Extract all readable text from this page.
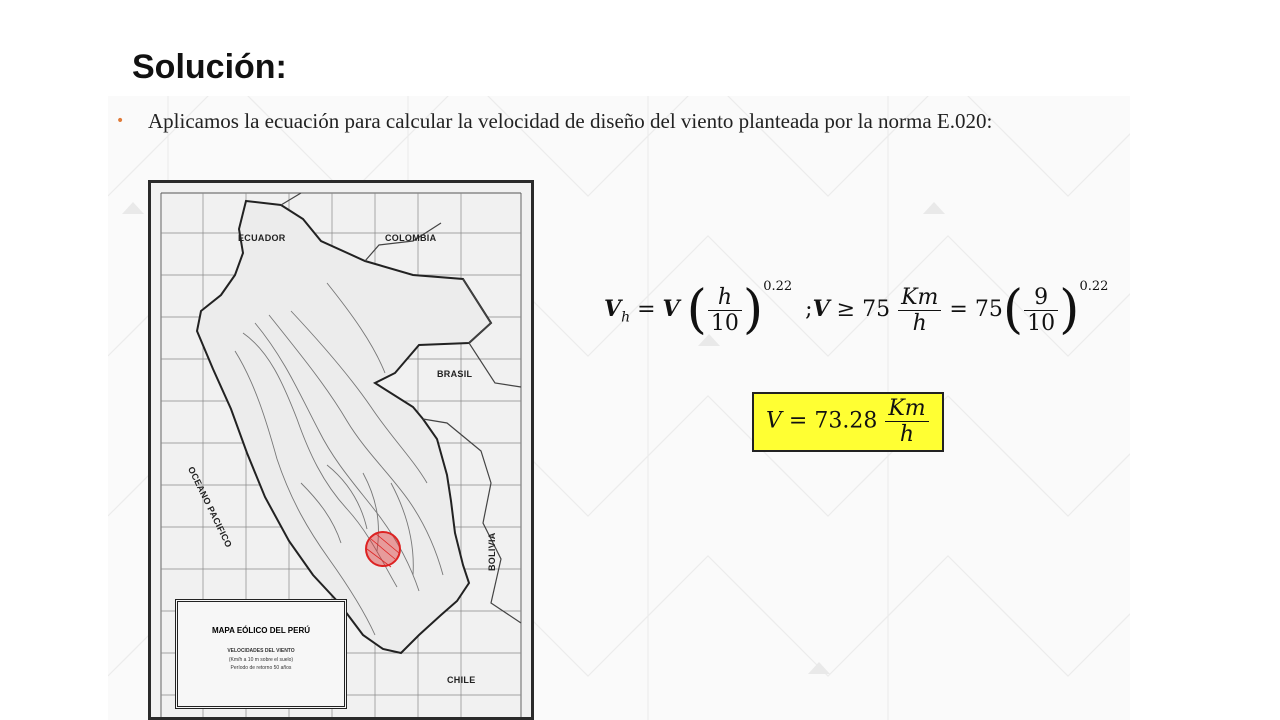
Solución:
• Aplicamos la ecuación para calcular la velocidad de diseño del viento planteada por la norma E.020:
ECUADOR	COLOMBIA
BRASIL
BOLIVIA
CHILE
OCEANO PACIFICO
MAPA EÓLICO DEL PERÚ
VELOCIDADES DEL VIENTO
(Km/h a 10 m sobre el suelo)
Período de retorno 50 años
$V_h = V$ ( $\frac{h}{10} )^{0.22}$ ;V ≥ $75 \frac{Km}{h} = 75( \frac{9}{10} )^{0.22}$
$V = 73.28 \frac{Km}{h}$
